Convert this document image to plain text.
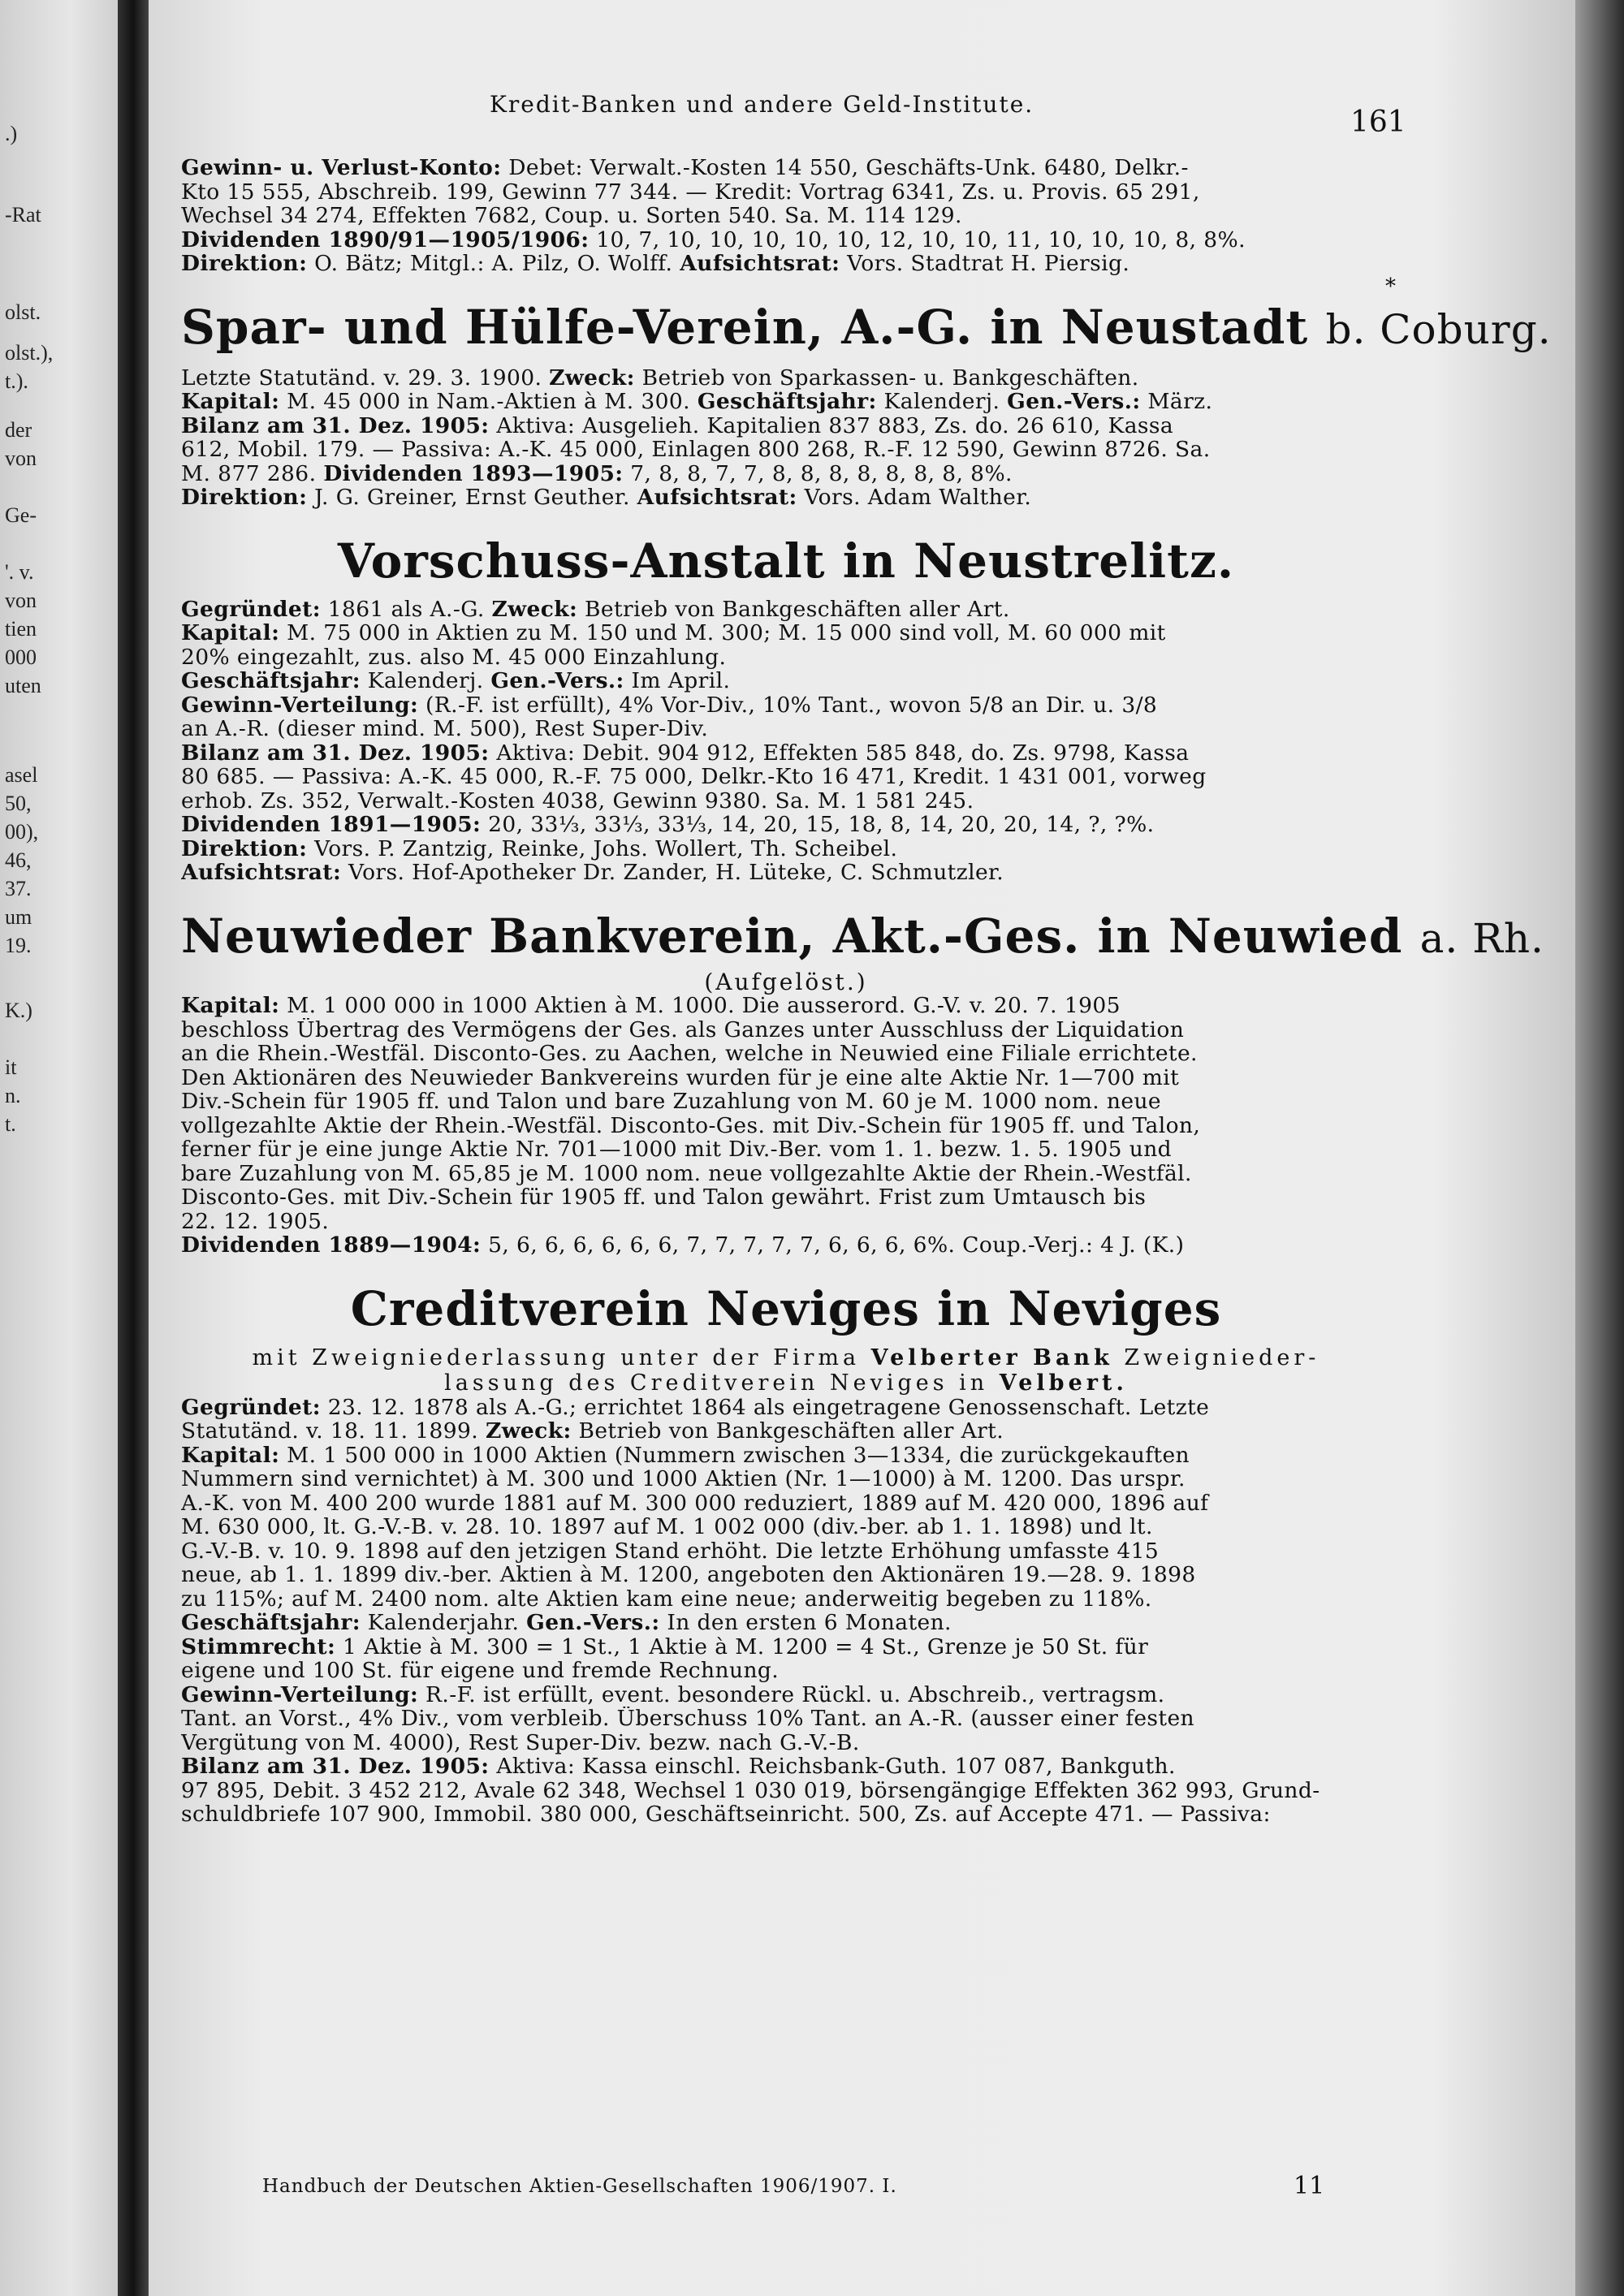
.)
-Rat
olst.
olst.),
t.).
der
von
Ge-
'. v.
von
tien
000
uten
asel
50,
00),
46,
37.
um
19.
K.)
it
n.
t.
Kredit-Banken und andere Geld-Institute.
161
*
Gewinn- u. Verlust-Konto: Debet: Verwalt.-Kosten 14 550, Geschäfts-Unk. 6480, Delkr.-
Kto 15 555, Abschreib. 199, Gewinn 77 344. — Kredit: Vortrag 6341, Zs. u. Provis. 65 291,
Wechsel 34 274, Effekten 7682, Coup. u. Sorten 540. Sa. M. 114 129.
Dividenden 1890/91—1905/1906: 10, 7, 10, 10, 10, 10, 10, 12, 10, 10, 11, 10, 10, 10, 8, 8%.
Direktion: O. Bätz; Mitgl.: A. Pilz, O. Wolff. Aufsichtsrat: Vors. Stadtrat H. Piersig.
Spar- und Hülfe-Verein, A.-G. in Neustadt b. Coburg.
Letzte Statutänd. v. 29. 3. 1900. Zweck: Betrieb von Sparkassen- u. Bankgeschäften.
Kapital: M. 45 000 in Nam.-Aktien à M. 300. Geschäftsjahr: Kalenderj. Gen.-Vers.: März.
Bilanz am 31. Dez. 1905: Aktiva: Ausgelieh. Kapitalien 837 883, Zs. do. 26 610, Kassa
612, Mobil. 179. — Passiva: A.-K. 45 000, Einlagen 800 268, R.-F. 12 590, Gewinn 8726. Sa.
M. 877 286. Dividenden 1893—1905: 7, 8, 8, 7, 7, 8, 8, 8, 8, 8, 8, 8, 8%.
Direktion: J. G. Greiner, Ernst Geuther. Aufsichtsrat: Vors. Adam Walther.
Vorschuss-Anstalt in Neustrelitz.
Gegründet: 1861 als A.-G. Zweck: Betrieb von Bankgeschäften aller Art.
Kapital: M. 75 000 in Aktien zu M. 150 und M. 300; M. 15 000 sind voll, M. 60 000 mit
20% eingezahlt, zus. also M. 45 000 Einzahlung.
Geschäftsjahr: Kalenderj. Gen.-Vers.: Im April.
Gewinn-Verteilung: (R.-F. ist erfüllt), 4% Vor-Div., 10% Tant., wovon 5/8 an Dir. u. 3/8
an A.-R. (dieser mind. M. 500), Rest Super-Div.
Bilanz am 31. Dez. 1905: Aktiva: Debit. 904 912, Effekten 585 848, do. Zs. 9798, Kassa
80 685. — Passiva: A.-K. 45 000, R.-F. 75 000, Delkr.-Kto 16 471, Kredit. 1 431 001, vorweg
erhob. Zs. 352, Verwalt.-Kosten 4038, Gewinn 9380. Sa. M. 1 581 245.
Dividenden 1891—1905: 20, 33⅓, 33⅓, 33⅓, 14, 20, 15, 18, 8, 14, 20, 20, 14, ?, ?%.
Direktion: Vors. P. Zantzig, Reinke, Johs. Wollert, Th. Scheibel.
Aufsichtsrat: Vors. Hof-Apotheker Dr. Zander, H. Lüteke, C. Schmutzler.
Neuwieder Bankverein, Akt.-Ges. in Neuwied a. Rh.
(Aufgelöst.)
Kapital: M. 1 000 000 in 1000 Aktien à M. 1000. Die ausserord. G.-V. v. 20. 7. 1905
beschloss Übertrag des Vermögens der Ges. als Ganzes unter Ausschluss der Liquidation
an die Rhein.-Westfäl. Disconto-Ges. zu Aachen, welche in Neuwied eine Filiale errichtete.
Den Aktionären des Neuwieder Bankvereins wurden für je eine alte Aktie Nr. 1—700 mit
Div.-Schein für 1905 ff. und Talon und bare Zuzahlung von M. 60 je M. 1000 nom. neue
vollgezahlte Aktie der Rhein.-Westfäl. Disconto-Ges. mit Div.-Schein für 1905 ff. und Talon,
ferner für je eine junge Aktie Nr. 701—1000 mit Div.-Ber. vom 1. 1. bezw. 1. 5. 1905 und
bare Zuzahlung von M. 65,85 je M. 1000 nom. neue vollgezahlte Aktie der Rhein.-Westfäl.
Disconto-Ges. mit Div.-Schein für 1905 ff. und Talon gewährt. Frist zum Umtausch bis
22. 12. 1905.
Dividenden 1889—1904: 5, 6, 6, 6, 6, 6, 6, 7, 7, 7, 7, 7, 6, 6, 6, 6%. Coup.-Verj.: 4 J. (K.)
Creditverein Neviges in Neviges
mit Zweigniederlassung unter der Firma Velberter Bank Zweignieder-
lassung des Creditverein Neviges in Velbert.
Gegründet: 23. 12. 1878 als A.-G.; errichtet 1864 als eingetragene Genossenschaft. Letzte
Statutänd. v. 18. 11. 1899. Zweck: Betrieb von Bankgeschäften aller Art.
Kapital: M. 1 500 000 in 1000 Aktien (Nummern zwischen 3—1334, die zurückgekauften
Nummern sind vernichtet) à M. 300 und 1000 Aktien (Nr. 1—1000) à M. 1200. Das urspr.
A.-K. von M. 400 200 wurde 1881 auf M. 300 000 reduziert, 1889 auf M. 420 000, 1896 auf
M. 630 000, lt. G.-V.-B. v. 28. 10. 1897 auf M. 1 002 000 (div.-ber. ab 1. 1. 1898) und lt.
G.-V.-B. v. 10. 9. 1898 auf den jetzigen Stand erhöht. Die letzte Erhöhung umfasste 415
neue, ab 1. 1. 1899 div.-ber. Aktien à M. 1200, angeboten den Aktionären 19.—28. 9. 1898
zu 115%; auf M. 2400 nom. alte Aktien kam eine neue; anderweitig begeben zu 118%.
Geschäftsjahr: Kalenderjahr. Gen.-Vers.: In den ersten 6 Monaten.
Stimmrecht: 1 Aktie à M. 300 = 1 St., 1 Aktie à M. 1200 = 4 St., Grenze je 50 St. für
eigene und 100 St. für eigene und fremde Rechnung.
Gewinn-Verteilung: R.-F. ist erfüllt, event. besondere Rückl. u. Abschreib., vertragsm.
Tant. an Vorst., 4% Div., vom verbleib. Überschuss 10% Tant. an A.-R. (ausser einer festen
Vergütung von M. 4000), Rest Super-Div. bezw. nach G.-V.-B.
Bilanz am 31. Dez. 1905: Aktiva: Kassa einschl. Reichsbank-Guth. 107 087, Bankguth.
97 895, Debit. 3 452 212, Avale 62 348, Wechsel 1 030 019, börsengängige Effekten 362 993, Grund-
schuldbriefe 107 900, Immobil. 380 000, Geschäftseinricht. 500, Zs. auf Accepte 471. — Passiva:
Handbuch der Deutschen Aktien-Gesellschaften 1906/1907. I.	11
